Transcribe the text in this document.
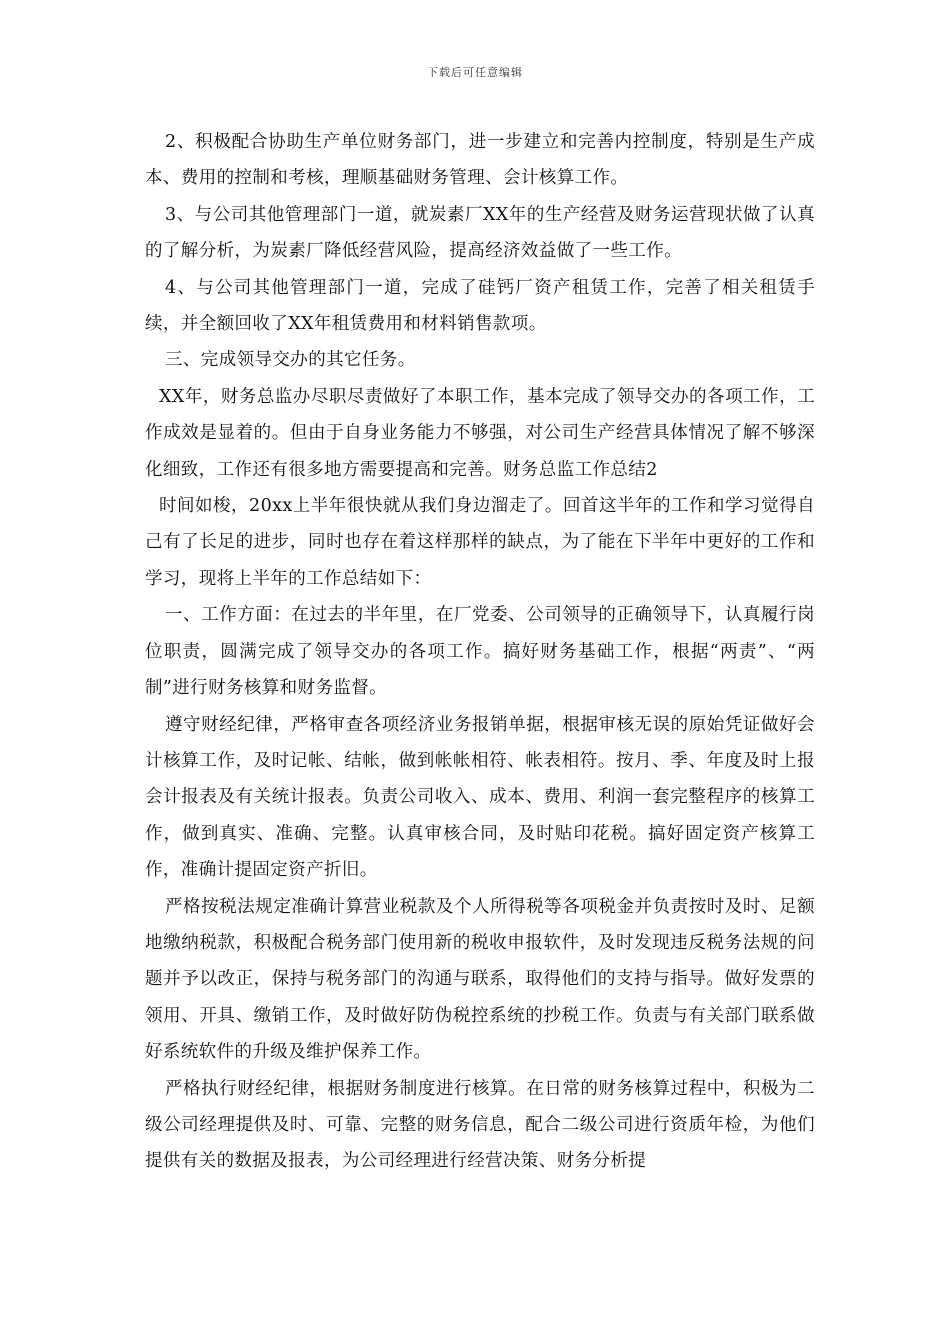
下载后可任意编辑

2、积极配合协助生产单位财务部门，进一步建立和完善内控制度，特别是生产成本、费用的控制和考核，理顺基础财务管理、会计核算工作。

3、与公司其他管理部门一道，就炭素厂XX年的生产经营及财务运营现状做了认真的了解分析，为炭素厂降低经营风险，提高经济效益做了一些工作。

4、与公司其他管理部门一道，完成了硅钙厂资产租赁工作，完善了相关租赁手续，并全额回收了XX年租赁费用和材料销售款项。

三、完成领导交办的其它任务。

XX年，财务总监办尽职尽责做好了本职工作，基本完成了领导交办的各项工作，工作成效是显着的。但由于自身业务能力不够强，对公司生产经营具体情况了解不够深化细致，工作还有很多地方需要提高和完善。财务总监工作总结2

时间如梭，20xx上半年很快就从我们身边溜走了。回首这半年的工作和学习觉得自己有了长足的进步，同时也存在着这样那样的缺点，为了能在下半年中更好的工作和学习，现将上半年的工作总结如下：

一、工作方面：在过去的半年里，在厂党委、公司领导的正确领导下，认真履行岗位职责，圆满完成了领导交办的各项工作。搞好财务基础工作，根据“两责”、“两制”进行财务核算和财务监督。

遵守财经纪律，严格审查各项经济业务报销单据，根据审核无误的原始凭证做好会计核算工作，及时记帐、结帐，做到帐帐相符、帐表相符。按月、季、年度及时上报会计报表及有关统计报表。负责公司收入、成本、费用、利润一套完整程序的核算工作，做到真实、准确、完整。认真审核合同，及时贴印花税。搞好固定资产核算工作，准确计提固定资产折旧。

严格按税法规定准确计算营业税款及个人所得税等各项税金并负责按时及时、足额地缴纳税款，积极配合税务部门使用新的税收申报软件，及时发现违反税务法规的问题并予以改正，保持与税务部门的沟通与联系，取得他们的支持与指导。做好发票的领用、开具、缴销工作，及时做好防伪税控系统的抄税工作。负责与有关部门联系做好系统软件的升级及维护保养工作。

严格执行财经纪律，根据财务制度进行核算。在日常的财务核算过程中，积极为二级公司经理提供及时、可靠、完整的财务信息，配合二级公司进行资质年检，为他们提供有关的数据及报表，为公司经理进行经营决策、财务分析提
